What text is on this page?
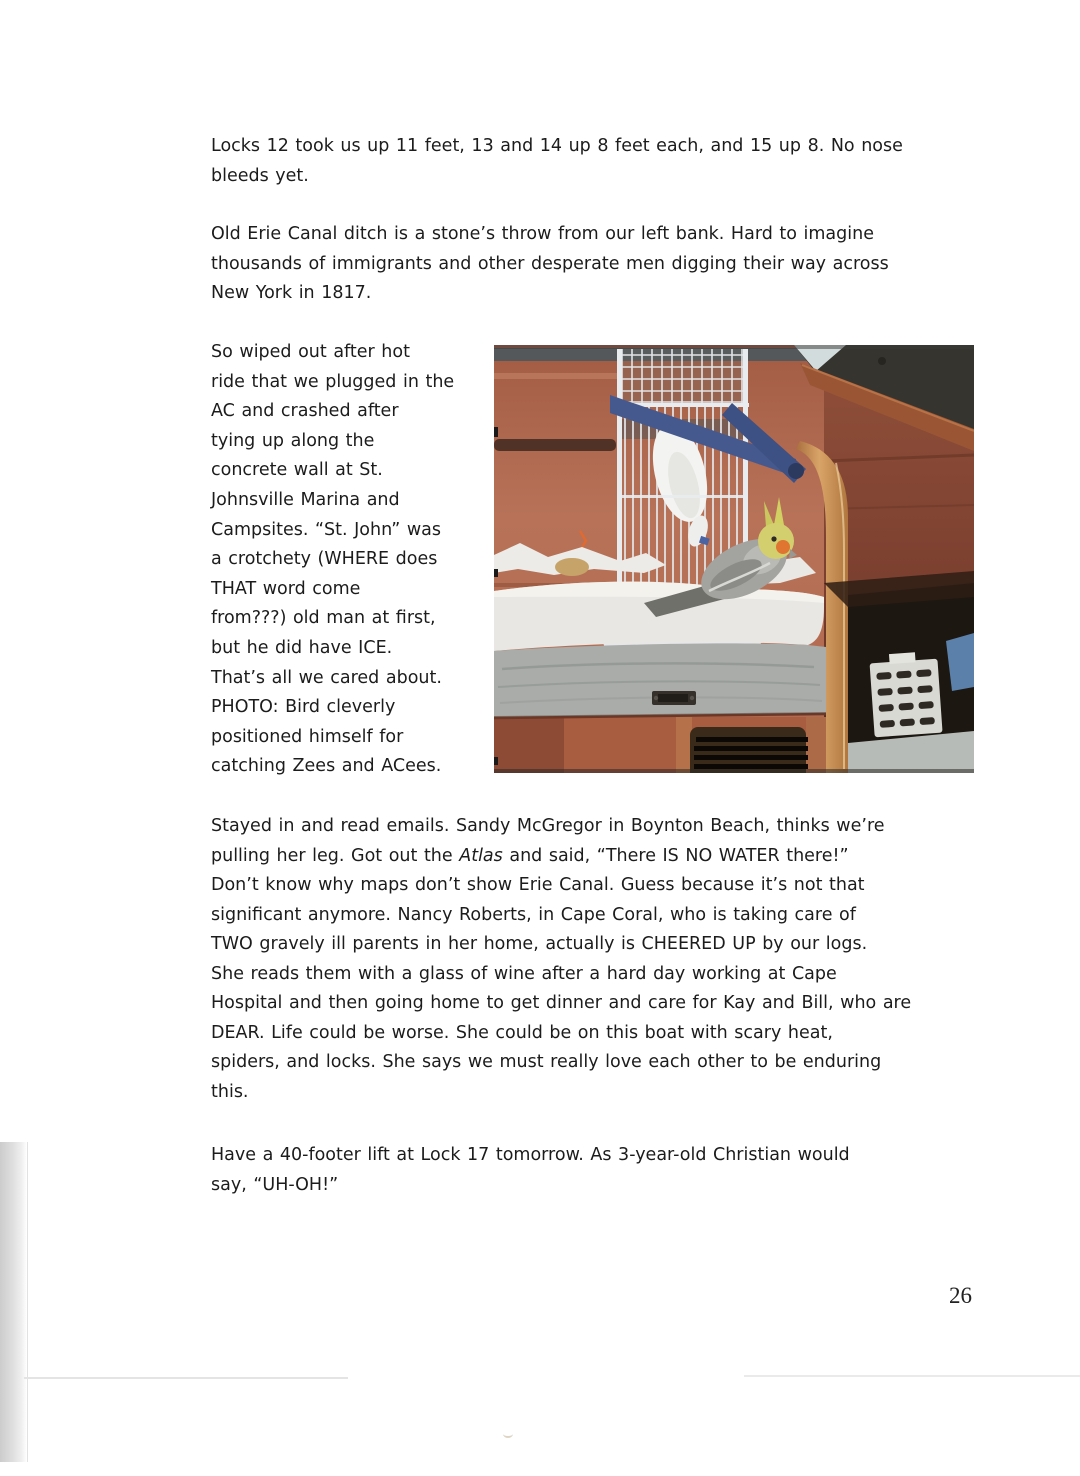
Locks 12 took us up 11 feet, 13 and 14 up 8 feet each, and 15 up 8. No nose
bleeds yet.
Old Erie Canal ditch is a stone’s throw from our left bank. Hard to imagine
thousands of immigrants and other desperate men digging their way across
New York in 1817.
So wiped out after hot
ride that we plugged in the
AC and crashed after
tying up along the
concrete wall at St.
Johnsville Marina and
Campsites. “St. John” was
a crotchety (WHERE does
THAT word come
from???) old man at first,
but he did have ICE.
That’s all we cared about.
PHOTO: Bird cleverly
positioned himself for
catching Zees and ACees.
Stayed in and read emails. Sandy McGregor in Boynton Beach, thinks we’re
pulling her leg. Got out the Atlas and said, “There IS NO WATER there!”
Don’t know why maps don’t show Erie Canal. Guess because it’s not that
significant anymore. Nancy Roberts, in Cape Coral, who is taking care of
TWO gravely ill parents in her home, actually is CHEERED UP by our logs.
She reads them with a glass of wine after a hard day working at Cape
Hospital and then going home to get dinner and care for Kay and Bill, who are
DEAR. Life could be worse. She could be on this boat with scary heat,
spiders, and locks. She says we must really love each other to be enduring
this.
Have a 40-footer lift at Lock 17 tomorrow. As 3-year-old Christian would
say, “UH-OH!”
26
